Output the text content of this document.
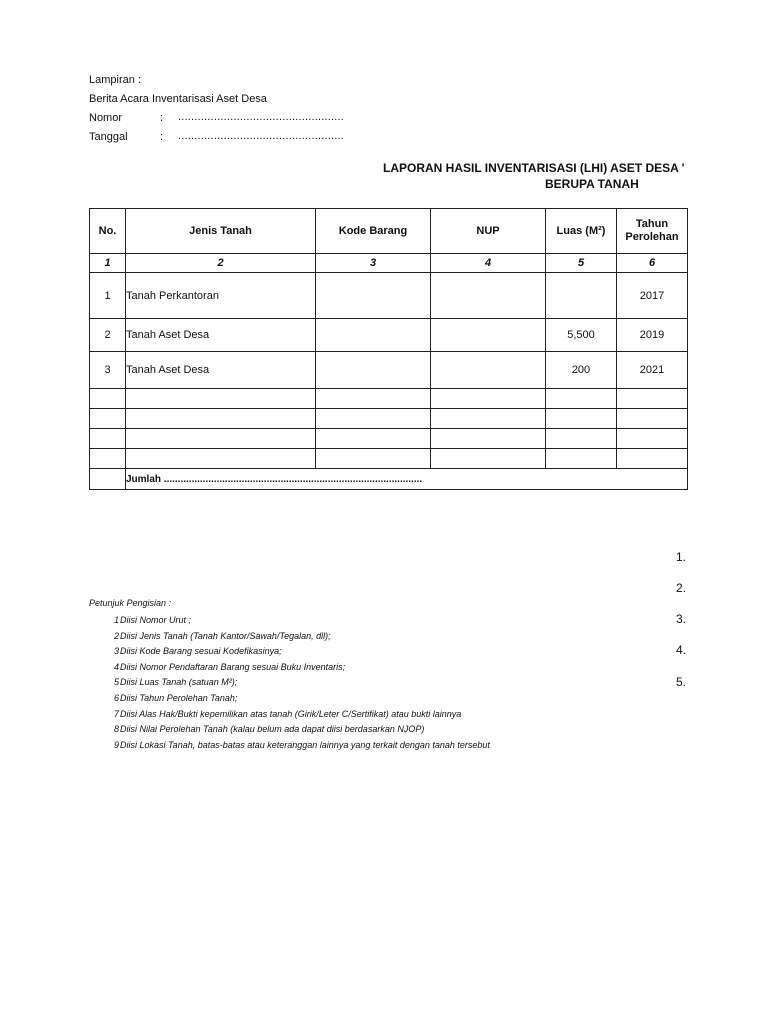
Lampiran :
Berita Acara Inventarisasi Aset Desa
Nomor	: ...................................................
Tanggal	: ...................................................
LAPORAN HASIL INVENTARISASI (LHI) ASET DESA '
BERUPA TANAH
No.	Jenis Tanah	Kode Barang	NUP	Luas (M²)	Tahun Perolehan
1	2	3	4	5	6
1	Tanah Perkantoran				2017
2	Tanah Aset Desa			5,500	2019
3	Tanah Aset Desa			200	2021

	Jumlah .............................................................................................				
1.
2.
3.
4.
5.
Petunjuk Pengisian :
1 Diisi Nomor Urut ;
2 Diisi Jenis Tanah (Tanah Kantor/Sawah/Tegalan, dll);
3 Diisi Kode Barang sesuai Kodefikasinya;
4 Diisi Nomor Pendaftaran Barang sesuai Buku Inventaris;
5 Diisi Luas Tanah (satuan M²);
6 Diisi Tahun Perolehan Tanah;
7 Diisi Alas Hak/Bukti kepemilikan atas tanah (Girik/Leter C/Sertifikat) atau bukti lainnya
8 Diisi Nilai Perolehan Tanah (kalau belum ada dapat diisi berdasarkan NJOP)
9 Diisi Lokasi Tanah, batas-batas atau keteranggan lainnya yang terkait dengan tanah tersebut
